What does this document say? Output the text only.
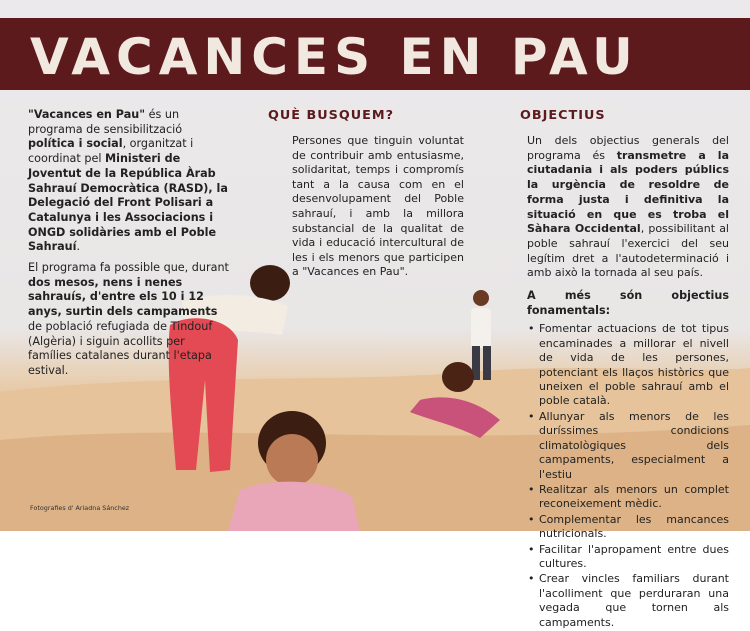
VACANCES EN PAU

"Vacances en Pau" és un programa de sensibilització política i social, organitzat i coordinat pel Ministeri de Joventut de la República Àrab Sahrauí Democràtica (RASD), la Delegació del Front Polisari a Catalunya i les Associacions i ONGD solidàries amb el Poble Sahrauí.

El programa fa possible que, durant dos mesos, nens i nenes sahrauís, d'entre els 10 i 12 anys, surtin dels campaments de població refugiada de Tindouf (Algèria) i siguin acollits per famílies catalanes durant l'etapa estival.

QUÈ BUSQUEM?
Persones que tinguin voluntat de contribuir amb entusiasme, solidaritat, temps i compromís tant a la causa com en el desenvolupament del Poble sahrauí, i amb la millora substancial de la qualitat de vida i educació intercultural de les i els menors que participen a "Vacances en Pau".
OBJECTIUS

Un dels objectius generals del programa és transmetre a la ciutadania i als poders públics la urgència de resoldre de forma justa i definitiva la situació en que es troba el Sàhara Occidental, possibilitant al poble sahrauí l'exercici del seu legítim dret a l'autodeterminació i amb això la tornada al seu país.

A més són objectius fonamentals:
• Fomentar actuacions de tot tipus encaminades a millorar el nivell de vida de les persones, potenciant els llaços històrics que uneixen el poble sahrauí amb el poble català.
• Allunyar als menors de les duríssimes condicions climatològiques dels campaments, especialment a l'estiu
• Realitzar als menors un complet reconeixement mèdic.
• Complementar les mancances nutricionals.
• Facilitar l'apropament entre dues cultures.
• Crear vincles familiars durant l'acolliment que perduraran una vegada que tornen als campaments.
Fotografies d' Ariadna Sánchez
